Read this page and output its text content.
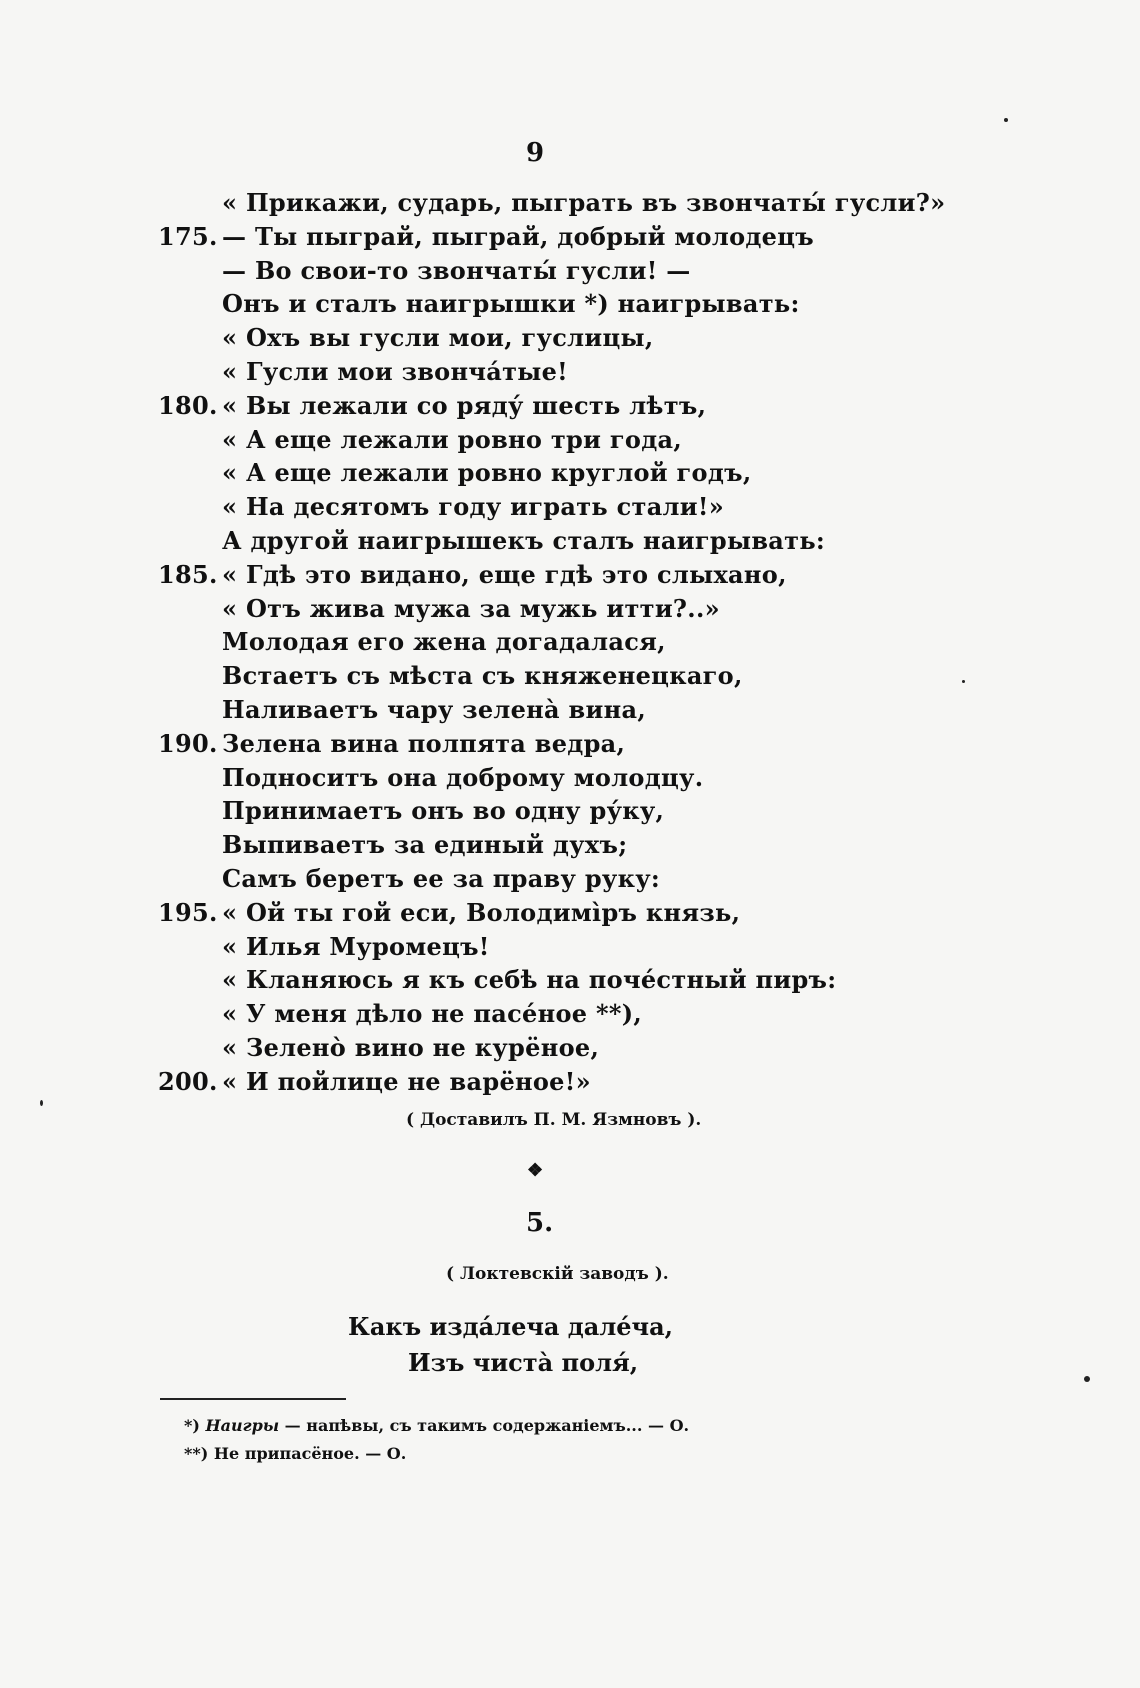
9
« Прикажи, сударь, пыграть въ звончаты́ гусли?»
175. — Ты пыграй, пыграй, добрый молодецъ
— Во свои-то звончаты́ гусли! —
Онъ и сталъ наигрышки *) наигрывать:
« Охъ вы гусли мои, гуслицы,
« Гусли мои звонча́тые!
180. « Вы лежали со ряду́ шесть лѣтъ,
« А еще лежали ровно три года,
« А еще лежали ровно круглой годъ,
« На десятомъ году играть стали!»
А другой наигрышекъ сталъ наигрывать:
185. « Гдѣ это видано, еще гдѣ это слыхано,
« Отъ жива мужа за мужь итти?..»
Молодая его жена догадалася,
Встаетъ съ мѣста съ княженецкаго,
Наливаетъ чару зелена̀ вина,
190. Зелена вина полпята ведра,
Подноситъ она доброму молодцу.
Принимаетъ онъ во одну ру́ку,
Выпиваетъ за единый духъ;
Самъ беретъ ее за праву руку:
195. « Ой ты гой еси, Володимі̀ръ князь,
« Илья Муромецъ!
« Кланяюсь я къ себѣ на поче́стный пиръ:
« У меня дѣло не пасе́ное **),
« Зеленò вино не курёное,
200. « И пойлице не варёное!»
( Доставилъ П. М. Язмновъ ).
❖
5.
( Локтевскій заводъ ).
Какъ изда́леча дале́ча,
Изъ чиста̀ поля́,
*) Наигры — напѣвы, съ такимъ содержаніемъ... — О.
**) Не припасёное. — О.
